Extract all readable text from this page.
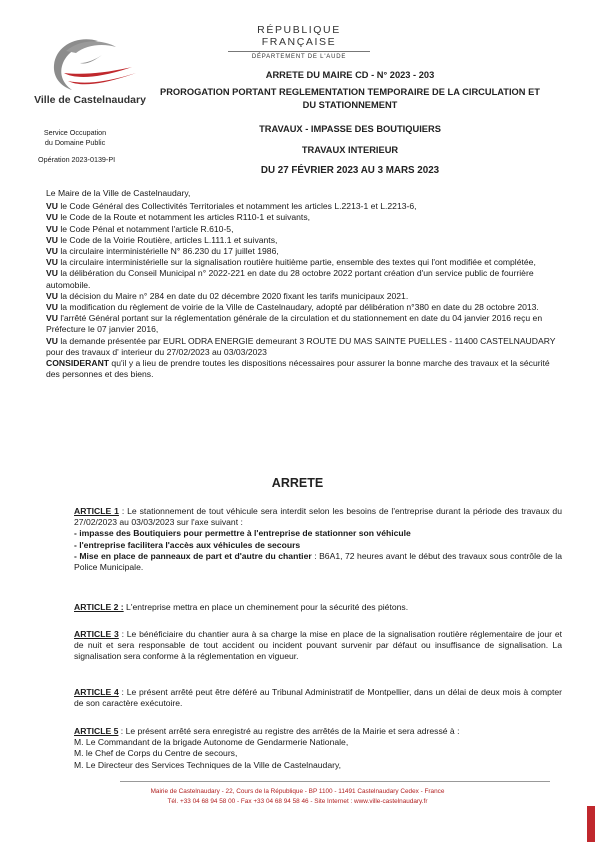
RÉPUBLIQUE FRANÇAISE
DÉPARTEMENT DE L'AUDE
Ville de Castelnaudary
Service Occupation
du Domaine Public
Opération 2023-0139-PI
ARRETE DU MAIRE CD - N° 2023 - 203
PROROGATION PORTANT REGLEMENTATION TEMPORAIRE DE LA CIRCULATION ET
DU STATIONNEMENT
TRAVAUX - IMPASSE DES BOUTIQUIERS
TRAVAUX INTERIEUR
DU 27 FÉVRIER 2023 AU 3 MARS 2023

Le Maire de la Ville de Castelnaudary,

VU le Code Général des Collectivités Territoriales et notamment les articles L.2213-1 et L.2213-6,

VU le Code de la Route et notamment les articles R110-1 et suivants,

VU le Code Pénal et notamment l'article R.610-5,

VU le Code de la Voirie Routière, articles L.111.1 et suivants,

VU la circulaire interministérielle N° 86.230 du 17 juillet 1986,

VU la circulaire interministérielle sur la signalisation routière huitième partie, ensemble des textes qui l'ont modifiée et complétée,

VU la délibération du Conseil Municipal n° 2022-221 en date du 28 octobre 2022 portant création d'un service public de fourrière automobile.

VU la décision du Maire n° 284 en date du 02 décembre 2020 fixant les tarifs municipaux 2021.

VU la modification du règlement de voirie de la Ville de Castelnaudary, adopté par délibération n°380 en date du 28 octobre 2013.

VU l'arrêté Général portant sur la réglementation générale de la circulation et du stationnement en date du 04 janvier 2016 reçu en Préfecture le 07 janvier 2016,

VU la demande présentée par EURL ODRA ENERGIE demeurant 3 ROUTE DU MAS SAINTE PUELLES - 11400 CASTELNAUDARY pour des travaux d' interieur du 27/02/2023 au 03/03/2023

CONSIDERANT qu'il y a lieu de prendre toutes les dispositions nécessaires pour assurer la bonne marche des travaux et la sécurité des personnes et des biens.

ARRETE

ARTICLE 1 : Le stationnement de tout véhicule sera interdit selon les besoins de l'entreprise durant la période des travaux du 27/02/2023 au 03/03/2023 sur l'axe suivant :

- impasse des Boutiquiers pour permettre à l'entreprise de stationner son véhicule

- l'entreprise facilitera l'accès aux véhicules de secours

- Mise en place de panneaux de part et d'autre du chantier : B6A1, 72 heures avant le début des travaux sous contrôle de la Police Municipale.

ARTICLE 2 : L'entreprise mettra en place un cheminement pour la sécurité des piétons.

ARTICLE 3 : Le bénéficiaire du chantier aura à sa charge la mise en place de la signalisation routière réglementaire de jour et de nuit et sera responsable de tout accident ou incident pouvant survenir par défaut ou insuffisance de signalisation. La signalisation sera conforme à la réglementation en vigueur.

ARTICLE 4 : Le présent arrêté peut être déféré au Tribunal Administratif de Montpellier, dans un délai de deux mois à compter de son caractère exécutoire.

ARTICLE 5 : Le présent arrêté sera enregistré au registre des arrêtés de la Mairie et sera adressé à :

M. Le Commandant de la brigade Autonome de Gendarmerie Nationale,

M. le Chef de Corps du Centre de secours,

M. Le Directeur des Services Techniques de la Ville de Castelnaudary,

Mairie de Castelnaudary - 22, Cours de la République - BP 1100 - 11491 Castelnaudary Cedex - France
Tél. +33 04 68 94 58 00 - Fax +33 04 68 94 58 46 - Site Internet : www.ville-castelnaudary.fr
